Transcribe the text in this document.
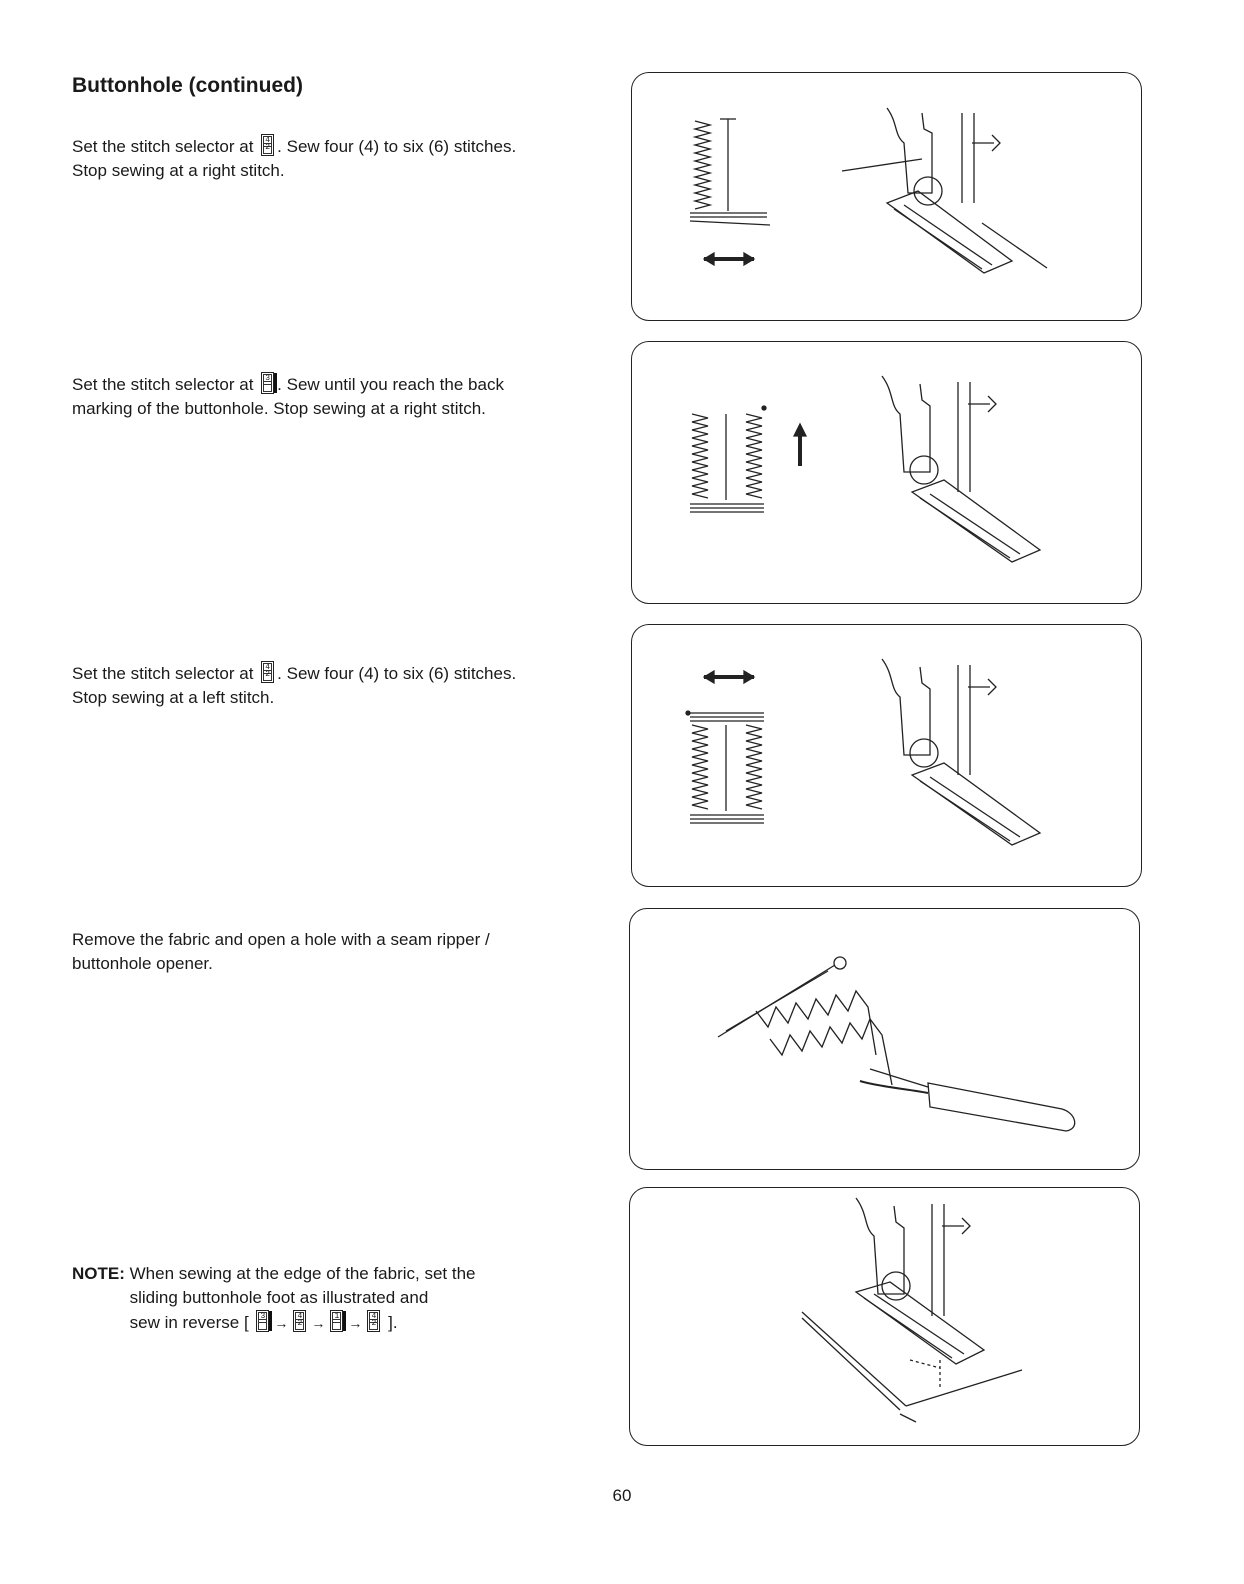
Buttonhole (continued)

Set the stitch selector at 4
2 . Sew four (4) to six (6) stitches. Stop sewing at a right stitch.

Set the stitch selector at 3 . Sew until you reach the back marking of the buttonhole. Stop sewing at a right stitch.

Set the stitch selector at 4
2 . Sew four (4) to six (6) stitches. Stop sewing at a left stitch.

Remove the fabric and open a hole with a seam ripper / buttonhole opener.

NOTE: When sewing at the edge of the fabric, set the
sliding buttonhole foot as illustrated and
sew in reverse [ 3 → 4
2 → 1 → 4
2 ].
60
